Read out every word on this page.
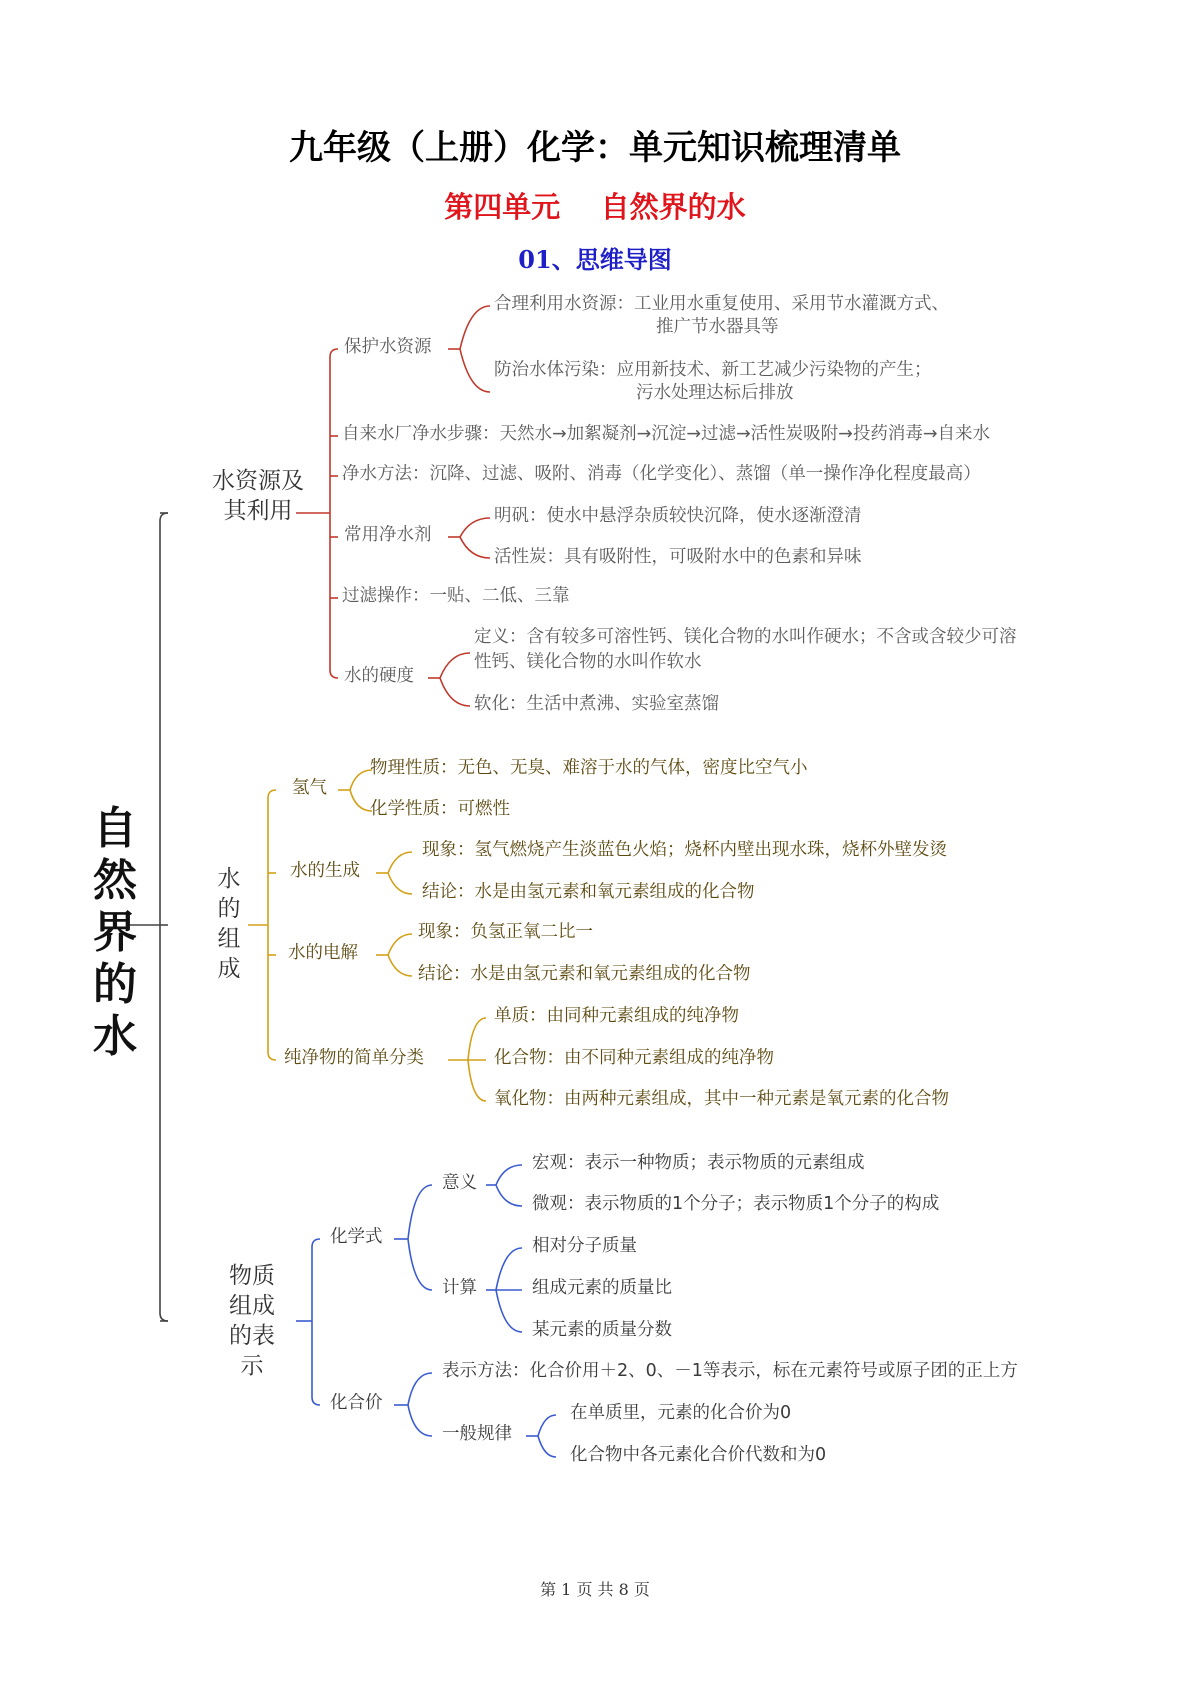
九年级（上册）化学：单元知识梳理清单
第四单元    自然界的水
01、思维导图
自
然
界
的
水
水资源及其利用
水的组成
物质组成的表示
保护水资源
合理利用水资源：工业用水重复使用、采用节水灌溉方式、
推广节水器具等
防治水体污染：应用新技术、新工艺减少污染物的产生；
污水处理达标后排放
自来水厂净水步骤：天然水→加絮凝剂→沉淀→过滤→活性炭吸附→投药消毒→自来水
净水方法：沉降、过滤、吸附、消毒（化学变化）、蒸馏（单一操作净化程度最高）
常用净水剂
明矾：使水中悬浮杂质较快沉降，使水逐渐澄清
活性炭：具有吸附性，可吸附水中的色素和异味
过滤操作：一贴、二低、三靠
水的硬度
定义：含有较多可溶性钙、镁化合物的水叫作硬水；不含或含较少可溶
性钙、镁化合物的水叫作软水
软化：生活中煮沸、实验室蒸馏
氢气
物理性质：无色、无臭、难溶于水的气体，密度比空气小
化学性质：可燃性
水的生成
现象：氢气燃烧产生淡蓝色火焰；烧杯内壁出现水珠，烧杯外壁发烫
结论：水是由氢元素和氧元素组成的化合物
水的电解
现象：负氢正氧二比一
结论：水是由氢元素和氧元素组成的化合物
纯净物的简单分类
单质：由同种元素组成的纯净物
化合物：由不同种元素组成的纯净物
氧化物：由两种元素组成，其中一种元素是氧元素的化合物
化学式
意义
宏观：表示一种物质；表示物质的元素组成
微观：表示物质的1个分子；表示物质1个分子的构成
计算
相对分子质量
组成元素的质量比
某元素的质量分数
化合价
表示方法：化合价用＋2、0、－1等表示，标在元素符号或原子团的正上方
一般规律
在单质里，元素的化合价为0
化合物中各元素化合价代数和为0
第 1 页 共 8 页
